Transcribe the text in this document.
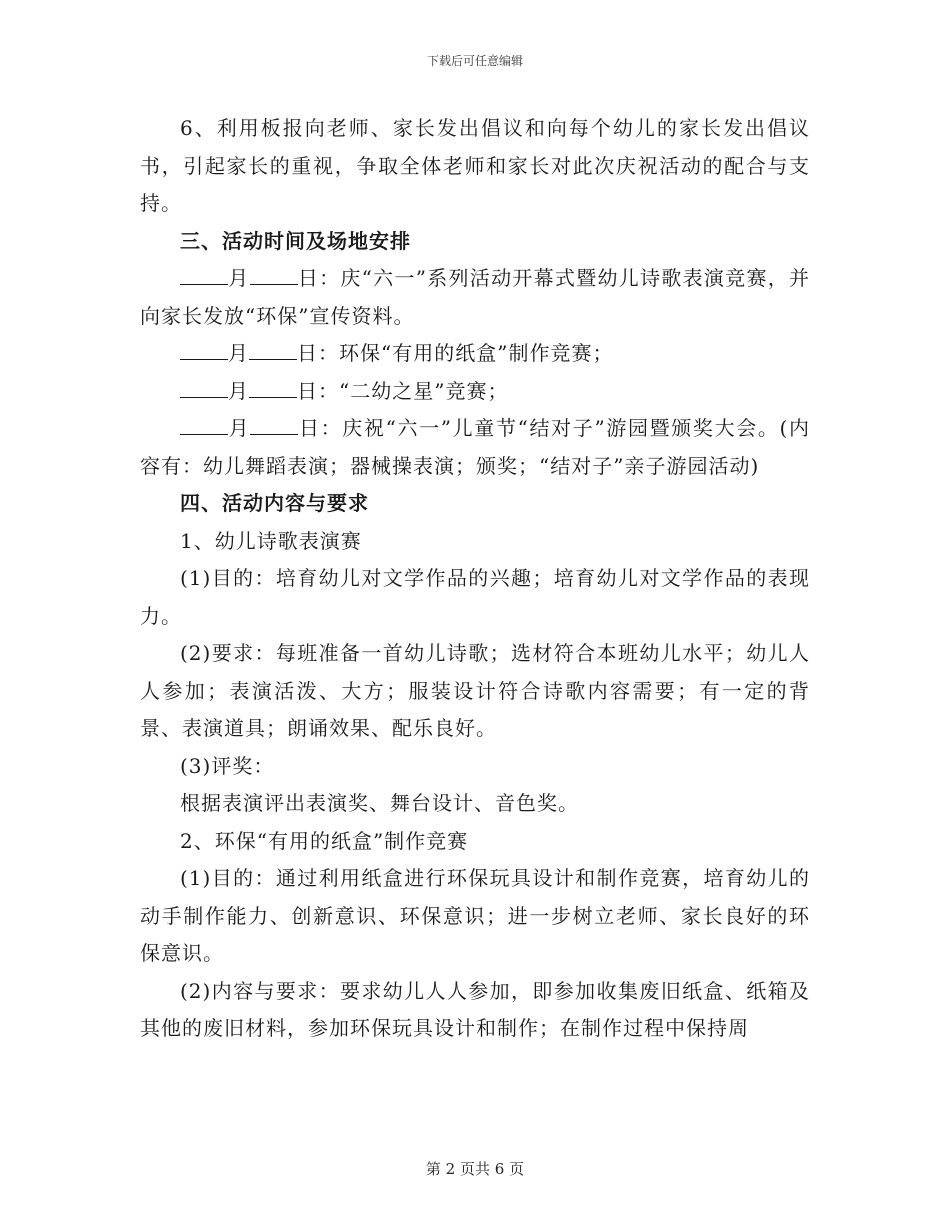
下载后可任意编辑

6、利用板报向老师、家长发出倡议和向每个幼儿的家长发出倡议书，引起家长的重视，争取全体老师和家长对此次庆祝活动的配合与支持。

三、活动时间及场地安排

月 日：庆“六一”系列活动开幕式暨幼儿诗歌表演竞赛，并向家长发放“环保”宣传资料。

月 日：环保“有用的纸盒”制作竞赛；

月 日：“二幼之星”竞赛；

月 日：庆祝“六一”儿童节“结对子”游园暨颁奖大会。(内容有：幼儿舞蹈表演；器械操表演；颁奖；“结对子”亲子游园活动)

四、活动内容与要求

1、幼儿诗歌表演赛

(1)目的：培育幼儿对文学作品的兴趣；培育幼儿对文学作品的表现力。

(2)要求：每班准备一首幼儿诗歌；选材符合本班幼儿水平；幼儿人人参加；表演活泼、大方；服装设计符合诗歌内容需要；有一定的背景、表演道具；朗诵效果、配乐良好。

(3)评奖：

根据表演评出表演奖、舞台设计、音色奖。

2、环保“有用的纸盒”制作竞赛

(1)目的：通过利用纸盒进行环保玩具设计和制作竞赛，培育幼儿的动手制作能力、创新意识、环保意识；进一步树立老师、家长良好的环保意识。

(2)内容与要求：要求幼儿人人参加，即参加收集废旧纸盒、纸箱及其他的废旧材料，参加环保玩具设计和制作；在制作过程中保持周

第 2 页共 6 页
